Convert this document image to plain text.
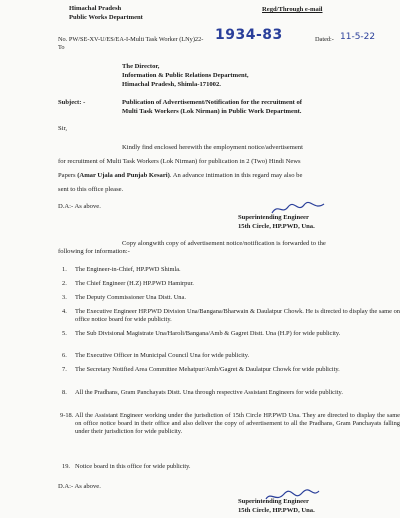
Himachal Pradesh
Public Works Department
Regd/Through e-mail
No. PW/SE-XV-U/ES/EA-I-Multi Task Worker (LNy)22- 1934-83	Dated:- 11-5-22
To
The Director,
Information & Public Relations Department,
Himachal Pradesh, Shimla-171002.
Subject: -	Publication of Advertisement/Notification for the recruitment of
Multi Task Workers (Lok Nirman) in Public Work Department.
Sir,
Kindly find enclosed herewith the employment notice/advertisement
for recruitment of Multi Task Workers (Lok Nirman) for publication in 2 (Two) Hindi News
Papers (Amar Ujala and Punjab Kesari). An advance intimation in this regard may also be
sent to this office please.
D.A:- As above.
Superintending Engineer
15th Circle, HP.PWD, Una.
Copy alongwith copy of advertisement notice/notification is forwarded to the
following for information:-
1. The Engineer-in-Chief, HP.PWD Shimla.
2. The Chief Engineer (H.Z) HP.PWD Hamirpur.
3. The Deputy Commissioner Una Distt. Una.
4. The Executive Engineer HP.PWD Division Una/Bangana/Bharwain & Daulatpur Chowk. He is directed to display the same on office notice board for wide publicity.
5. The Sub Divisional Magistrate Una/Haroli/Bangana/Amb & Gagret Distt. Una (H.P) for wide publicity.
6. The Executive Officer in Municipal Council Una for wide publicity.
7. The Secretary Notified Area Committee Mehatpur/Amb/Gagret & Daulatpur Chowk for wide publicity.
8. All the Pradhans, Gram Panchayats Distt. Una through respective Assistant Engineers for wide publicity.
9-18. All the Assistant Engineer working under the jurisdiction of 15th Circle HP.PWD Una. They are directed to display the same on office notice board in their office and also deliver the copy of advertisement to all the Pradhans, Gram Panchayats falling under their jurisdiction for wide publicity.
19. Notice board in this office for wide publicity.
D.A:- As above.
Superintending Engineer
15th Circle, HP.PWD, Una.
